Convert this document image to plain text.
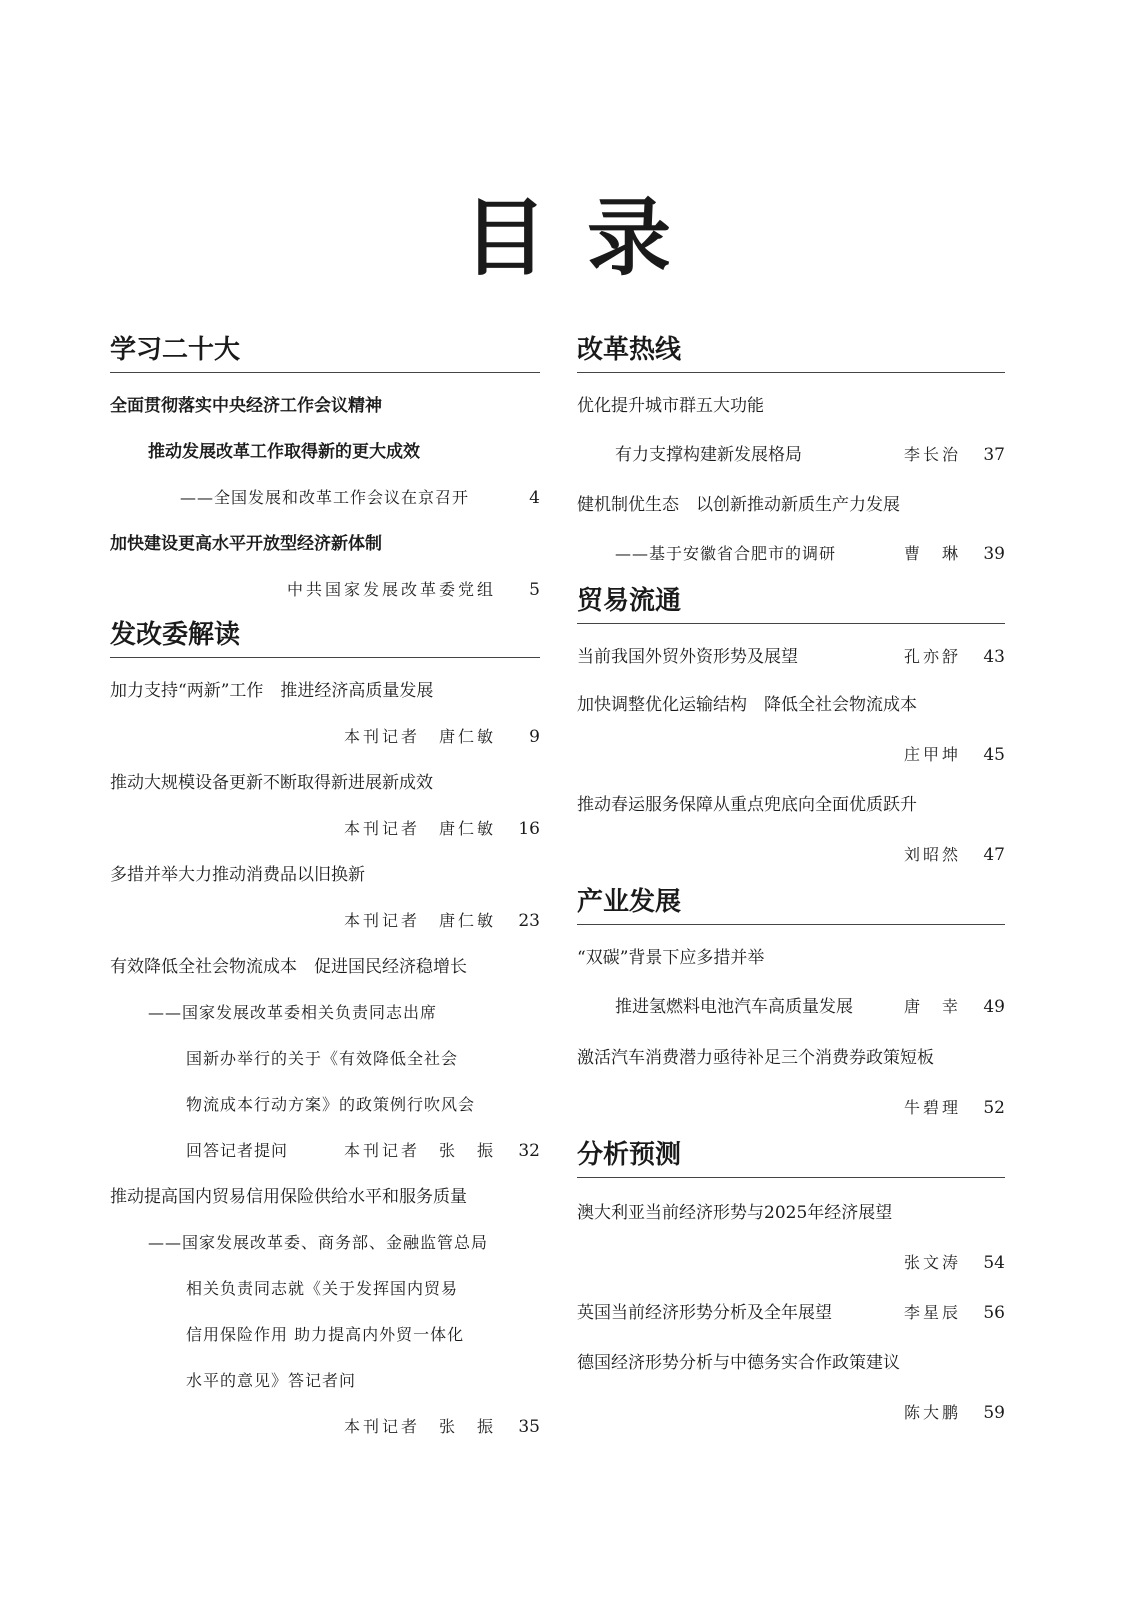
目 录
学习二十大
全面贯彻落实中央经济工作会议精神
推动发展改革工作取得新的更大成效
——全国发展和改革工作会议在京召开	4
加快建设更高水平开放型经济新体制
中共国家发展改革委党组 5
发改委解读
加力支持“两新”工作　推进经济高质量发展
本刊记者　唐仁敏 9
推动大规模设备更新不断取得新进展新成效
本刊记者　唐仁敏 16
多措并举大力推动消费品以旧换新
本刊记者　唐仁敏 23
有效降低全社会物流成本　促进国民经济稳增长
——国家发展改革委相关负责同志出席
国新办举行的关于《有效降低全社会
物流成本行动方案》的政策例行吹风会
回答记者提问	本刊记者　张　振 32
推动提高国内贸易信用保险供给水平和服务质量
——国家发展改革委、商务部、金融监管总局
相关负责同志就《关于发挥国内贸易
信用保险作用 助力提高内外贸一体化
水平的意见》答记者问
本刊记者　张　振 35
改革热线
优化提升城市群五大功能
有力支撑构建新发展格局	李长治 37
健机制优生态　以创新推动新质生产力发展
——基于安徽省合肥市的调研	曹　琳 39
贸易流通
当前我国外贸外资形势及展望	孔亦舒 43
加快调整优化运输结构　降低全社会物流成本
庄甲坤 45
推动春运服务保障从重点兜底向全面优质跃升
刘昭然 47
产业发展
“双碳”背景下应多措并举
推进氢燃料电池汽车高质量发展	唐　幸 49
激活汽车消费潜力亟待补足三个消费券政策短板
牛碧理 52
分析预测
澳大利亚当前经济形势与2025年经济展望
张文涛 54
英国当前经济形势分析及全年展望	李星辰 56
德国经济形势分析与中德务实合作政策建议
陈大鹏 59
